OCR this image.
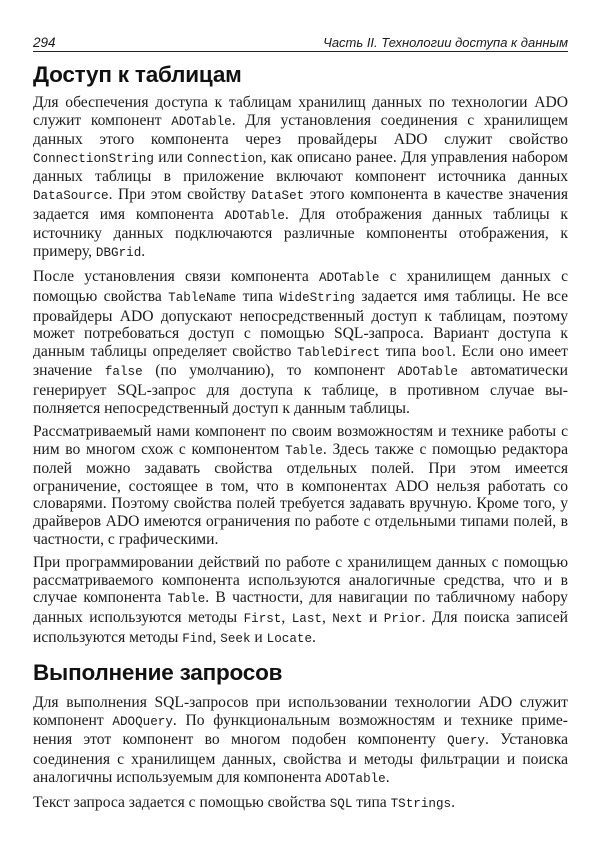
294	Часть II. Технологии доступа к данным
Доступ к таблицам

Для обеспечения доступа к таблицам хранилищ данных по технологии ADO служит компонент ADOTable. Для установления соединения с хранилищем данных этого компонента через провайдеры ADO служит свойство ConnectionString или Connection, как описано ранее. Для управления набором данных таблицы в приложение включают компонент источника данных DataSource. При этом свойству DataSet этого компонента в качестве значения задается имя компонента ADOTable. Для отображения данных таблицы к источнику данных подключаются различные компоненты отображения, к примеру, DBGrid.

После установления связи компонента ADOTable с хранилищем данных с помощью свойства TableName типа WideString задается имя таблицы. Не все провайдеры ADO допускают непосредственный доступ к таблицам, поэтому может потребоваться доступ с помощью SQL-запроса. Вариант доступа к данным таблицы определяет свойство TableDirect типа bool. Если оно имеет значение false (по умолчанию), то компонент ADOTable автоматически генерирует SQL-запрос для доступа к таблице, в противном случае выполняется непосредственный доступ к данным таблицы.

Рассматриваемый нами компонент по своим возможностям и технике работы с ним во многом схож с компонентом Table. Здесь также с помощью редактора полей можно задавать свойства отдельных полей. При этом имеется ограничение, состоящее в том, что в компонентах ADO нельзя работать со словарями. Поэтому свойства полей требуется задавать вручную. Кроме того, у драйверов ADO имеются ограничения по работе с отдельными типами полей, в частности, с графическими.

При программировании действий по работе с хранилищем данных с помощью рассматриваемого компонента используются аналогичные средства, что и в случае компонента Table. В частности, для навигации по табличному набору данных используются методы First, Last, Next и Prior. Для поиска записей используются методы Find, Seek и Locate.

Выполнение запросов

Для выполнения SQL-запросов при использовании технологии ADO служит компонент ADOQuery. По функциональным возможностям и технике применения этот компонент во многом подобен компоненту Query. Установка соединения с хранилищем данных, свойства и методы фильтрации и поиска аналогичны используемым для компонента ADOTable.

Текст запроса задается с помощью свойства SQL типа TStrings.
